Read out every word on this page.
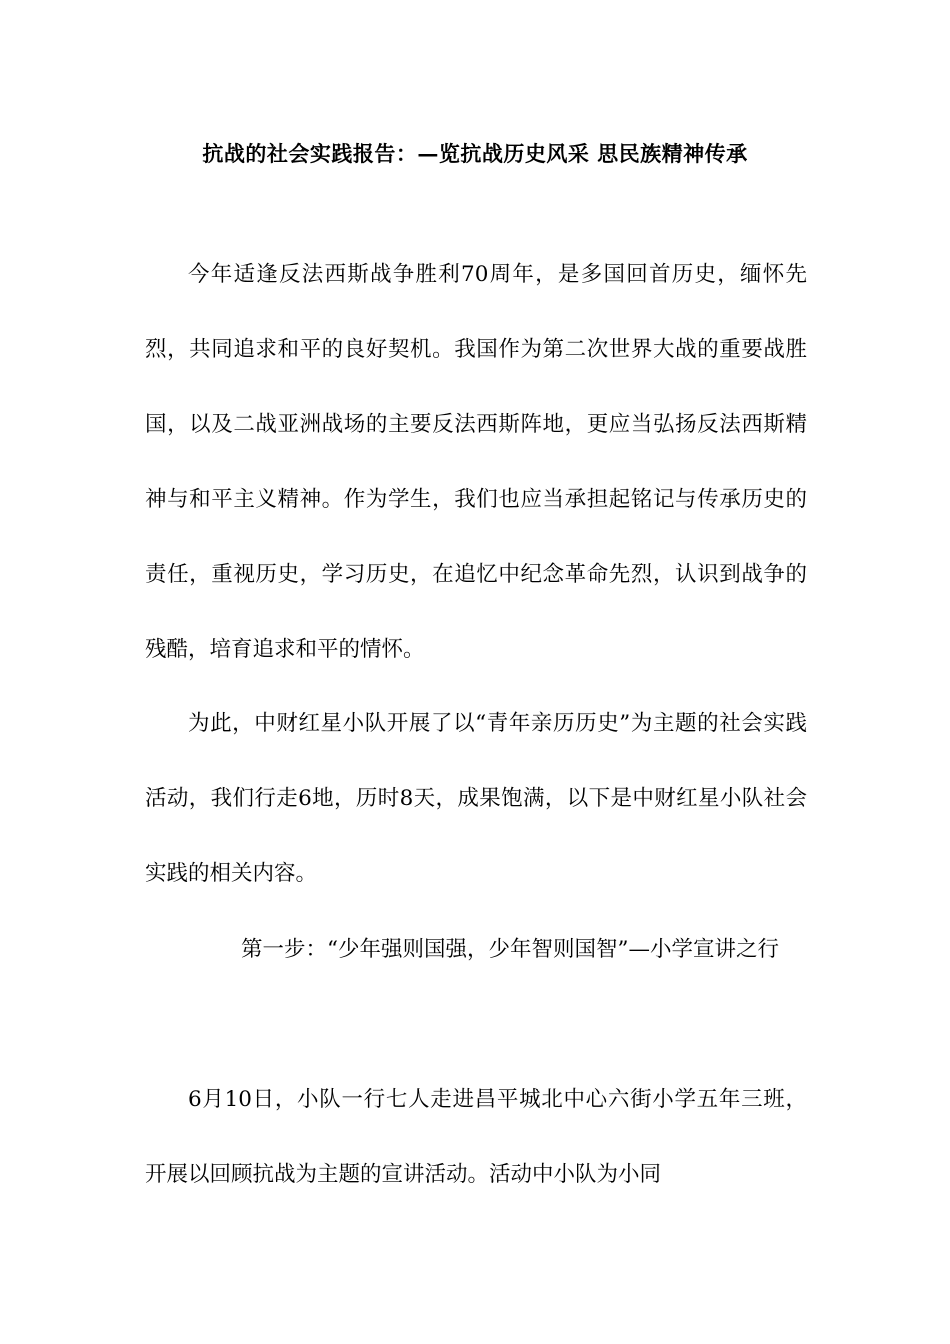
抗战的社会实践报告：—览抗战历史风采 思民族精神传承

今年适逢反法西斯战争胜利70周年，是多国回首历史，缅怀先烈，共同追求和平的良好契机。我国作为第二次世界大战的重要战胜国，以及二战亚洲战场的主要反法西斯阵地，更应当弘扬反法西斯精神与和平主义精神。作为学生，我们也应当承担起铭记与传承历史的责任，重视历史，学习历史，在追忆中纪念革命先烈，认识到战争的残酷，培育追求和平的情怀。

为此，中财红星小队开展了以“青年亲历历史”为主题的社会实践活动，我们行走6地，历时8天，成果饱满，以下是中财红星小队社会实践的相关内容。

第一步：“少年强则国强，少年智则国智”—小学宣讲之行

6月10日，小队一行七人走进昌平城北中心六街小学五年三班，开展以回顾抗战为主题的宣讲活动。活动中小队为小同
